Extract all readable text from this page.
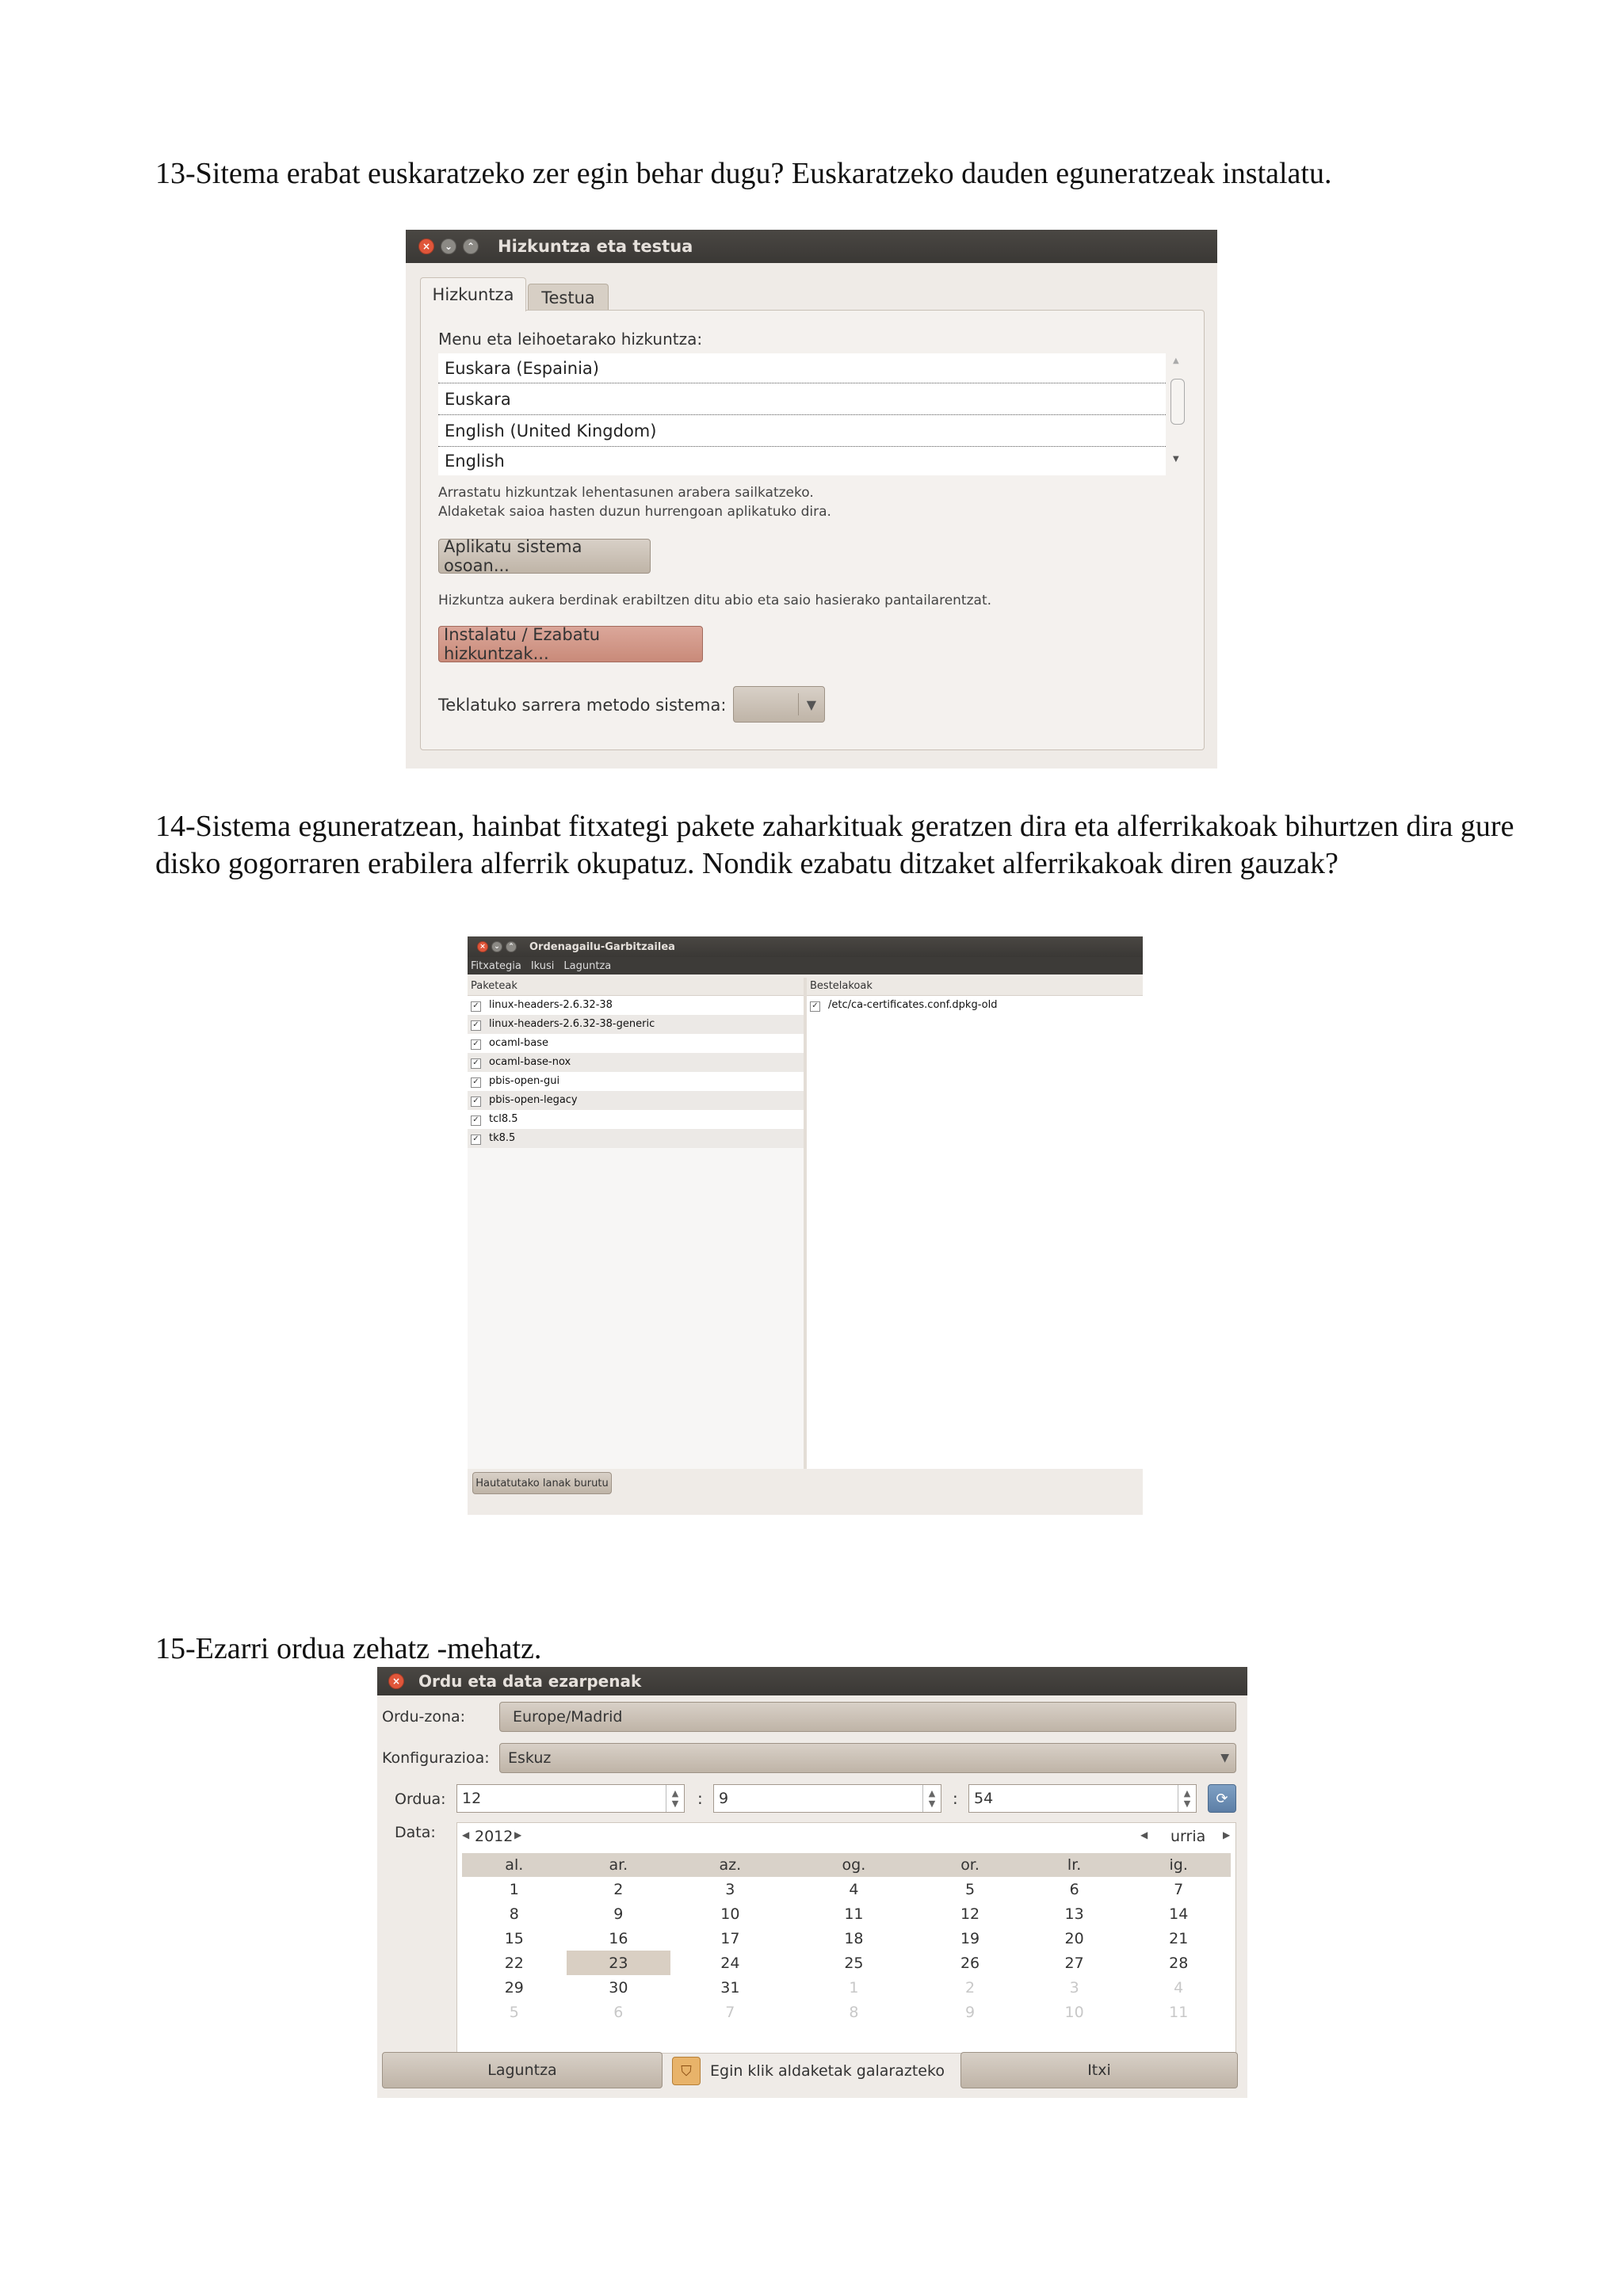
13-Sitema erabat euskaratzeko zer egin behar dugu? Euskaratzeko dauden eguneratzeak instalatu.

×	⌄	⌃ Hizkuntza eta testua
Hizkuntza Testua
Menu eta leihoetarako hizkuntza:
Euskara (Espainia)
Euskara
English (United Kingdom)
English
▲
▼
Arrastatu hizkuntzak lehentasunen arabera sailkatzeko.
Aldaketak saioa hasten duzun hurrengoan aplikatuko dira.
Aplikatu sistema osoan...
Hizkuntza aukera berdinak erabiltzen ditu abio eta saio hasierako pantailarentzat.
Instalatu / Ezabatu hizkuntzak...
Teklatuko sarrera metodo sistema:	▼

14-Sistema eguneratzean, hainbat fitxategi pakete zaharkituak geratzen dira eta alferrikakoak bihurtzen dira gure disko gogorraren erabilera alferrik okupatuz. Nondik ezabatu ditzaket alferrikakoak diren gauzak?

×	⌄	⌃ Ordenagailu-Garbitzailea
Fitxategia Ikusi Laguntza
Paketeak
✓ linux-headers-2.6.32-38
✓ linux-headers-2.6.32-38-generic
✓ ocaml-base
✓ ocaml-base-nox
✓ pbis-open-gui
✓ pbis-open-legacy
✓ tcl8.5
✓ tk8.5
Bestelakoak
✓ /etc/ca-certificates.conf.dpkg-old
Hautatutako lanak burutu

15-Ezarri ordua zehatz -mehatz.

× Ordu eta data ezarpenak
Ordu-zona:	Europe/Madrid
Konfigurazioa: Eskuz	▼
Ordua: 12	▲
▼ : 9	▲
▼ : 54	▲
▼ ⟳
Data:	◀ 2012 ▶	◀ urria ▶
al.	ar.	az.	og.	or.	lr.	ig.
1	2	3	4	5	6	7
8	9	10	11	12	13	14
15	16	17	18	19	20	21
22	23	24	25	26	27	28
29	30	31	1	2	3	4
5	6	7	8	9	10	11
Laguntza	⛉	Egin klik aldaketak galarazteko	Itxi
